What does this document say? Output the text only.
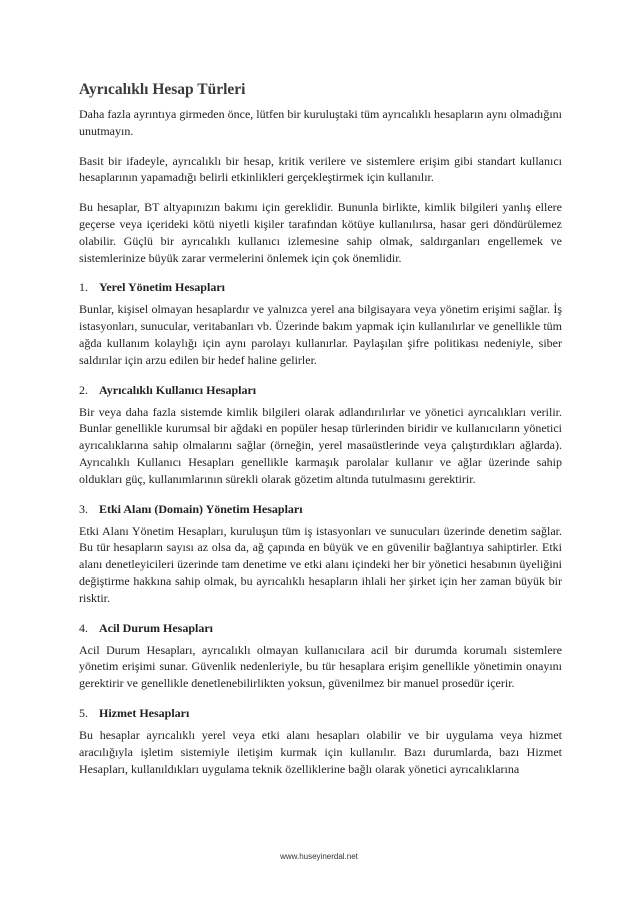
Ayrıcalıklı Hesap Türleri

Daha fazla ayrıntıya girmeden önce, lütfen bir kuruluştaki tüm ayrıcalıklı hesapların aynı olmadığını unutmayın.

Basit bir ifadeyle, ayrıcalıklı bir hesap, kritik verilere ve sistemlere erişim gibi standart kullanıcı hesaplarının yapamadığı belirli etkinlikleri gerçekleştirmek için kullanılır.

Bu hesaplar, BT altyapınızın bakımı için gereklidir. Bununla birlikte, kimlik bilgileri yanlış ellere geçerse veya içerideki kötü niyetli kişiler tarafından kötüye kullanılırsa, hasar geri döndürülemez olabilir. Güçlü bir ayrıcalıklı kullanıcı izlemesine sahip olmak, saldırganları engellemek ve sistemlerinize büyük zarar vermelerini önlemek için çok önemlidir.

1. Yerel Yönetim Hesapları

Bunlar, kişisel olmayan hesaplardır ve yalnızca yerel ana bilgisayara veya yönetim erişimi sağlar. İş istasyonları, sunucular, veritabanları vb. Üzerinde bakım yapmak için kullanılırlar ve genellikle tüm ağda kullanım kolaylığı için aynı parolayı kullanırlar. Paylaşılan şifre politikası nedeniyle, siber saldırılar için arzu edilen bir hedef haline gelirler.

2. Ayrıcalıklı Kullanıcı Hesapları

Bir veya daha fazla sistemde kimlik bilgileri olarak adlandırılırlar ve yönetici ayrıcalıkları verilir. Bunlar genellikle kurumsal bir ağdaki en popüler hesap türlerinden biridir ve kullanıcıların yönetici ayrıcalıklarına sahip olmalarını sağlar (örneğin, yerel masaüstlerinde veya çalıştırdıkları ağlarda). Ayrıcalıklı Kullanıcı Hesapları genellikle karmaşık parolalar kullanır ve ağlar üzerinde sahip oldukları güç, kullanımlarının sürekli olarak gözetim altında tutulmasını gerektirir.

3. Etki Alanı (Domain) Yönetim Hesapları

Etki Alanı Yönetim Hesapları, kuruluşun tüm iş istasyonları ve sunucuları üzerinde denetim sağlar. Bu tür hesapların sayısı az olsa da, ağ çapında en büyük ve en güvenilir bağlantıya sahiptirler. Etki alanı denetleyicileri üzerinde tam denetime ve etki alanı içindeki her bir yönetici hesabının üyeliğini değiştirme hakkına sahip olmak, bu ayrıcalıklı hesapların ihlali her şirket için her zaman büyük bir risktir.

4. Acil Durum Hesapları

Acil Durum Hesapları, ayrıcalıklı olmayan kullanıcılara acil bir durumda korumalı sistemlere yönetim erişimi sunar. Güvenlik nedenleriyle, bu tür hesaplara erişim genellikle yönetimin onayını gerektirir ve genellikle denetlenebilirlikten yoksun, güvenilmez bir manuel prosedür içerir.

5. Hizmet Hesapları

Bu hesaplar ayrıcalıklı yerel veya etki alanı hesapları olabilir ve bir uygulama veya hizmet aracılığıyla işletim sistemiyle iletişim kurmak için kullanılır. Bazı durumlarda, bazı Hizmet Hesapları, kullanıldıkları uygulama teknik özelliklerine bağlı olarak yönetici ayrıcalıklarına

www.huseyinerdal.net
